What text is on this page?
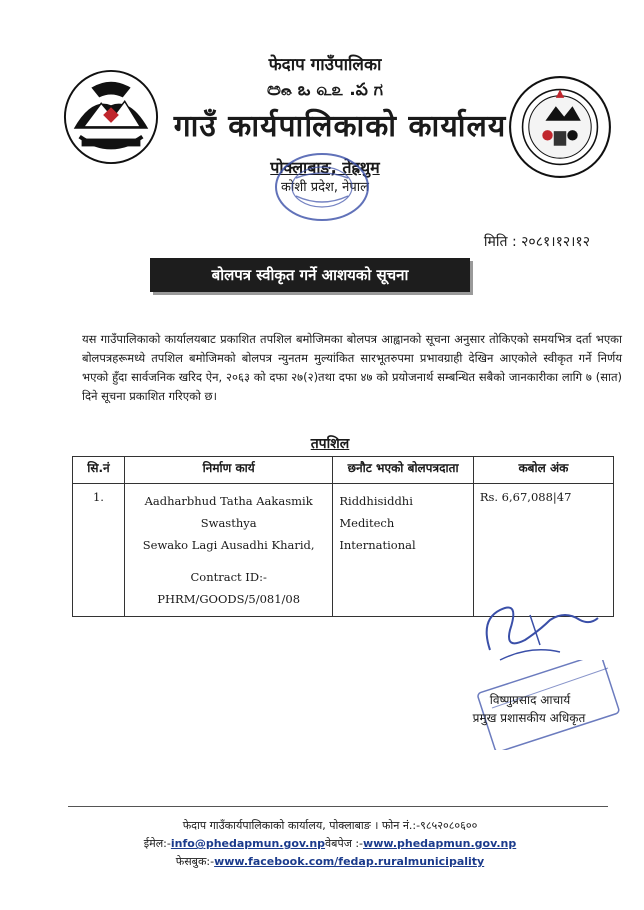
फेदाप गाउँपालिका
ඏ෬ ఒ ௳௨ .ప ಗ
गाउँ कार्यपालिकाको कार्यालय
पोक्लाबाङ, तेह्रथुम
कोशी प्रदेश, नेपाल
मिति : २०८१।१२।१२
बोलपत्र स्वीकृत गर्ने आशयको सूचना
यस गाउँपालिकाको कार्यालयबाट प्रकाशित तपशिल बमोजिमका बोलपत्र आह्वानको सूचना अनुसार तोकिएको समयभित्र दर्ता भएका बोलपत्रहरूमध्ये तपशिल बमोजिमको बोलपत्र न्युनतम मुल्यांकित सारभूतरुपमा प्रभावग्राही देखिन आएकोले स्वीकृत गर्ने निर्णय भएको हुँदा सार्वजनिक खरिद ऐन, २०६३ को दफा २७(२)तथा दफा ४७ को प्रयोजनार्थ सम्बन्धित सबैको जानकारीका लागि ७ (सात) दिने सूचना प्रकाशित गरिएको छ।
तपशिल
सि.नं	निर्माण कार्य	छनौट भएको बोलपत्रदाता	कबोल अंक
1.	Aadharbhud Tatha Aakasmik Swasthya
Sewako Lagi Ausadhi Kharid,
Contract ID:-PHRM/GOODS/5/081/08	Riddhisiddhi Meditech International	Rs. 6,67,088|47
विष्णुप्रसाद आचार्य
प्रमुख प्रशासकीय अधिकृत
फेदाप गाउँकार्यपालिकाको कार्यालय, पोक्लाबाङ । फोन नं.:-९८५२०८०६००
ईमेल:-info@phedapmun.gov.npवेबपेज :-www.phedapmun.gov.np
फेसबुक:-www.facebook.com/fedap.ruralmunicipality
